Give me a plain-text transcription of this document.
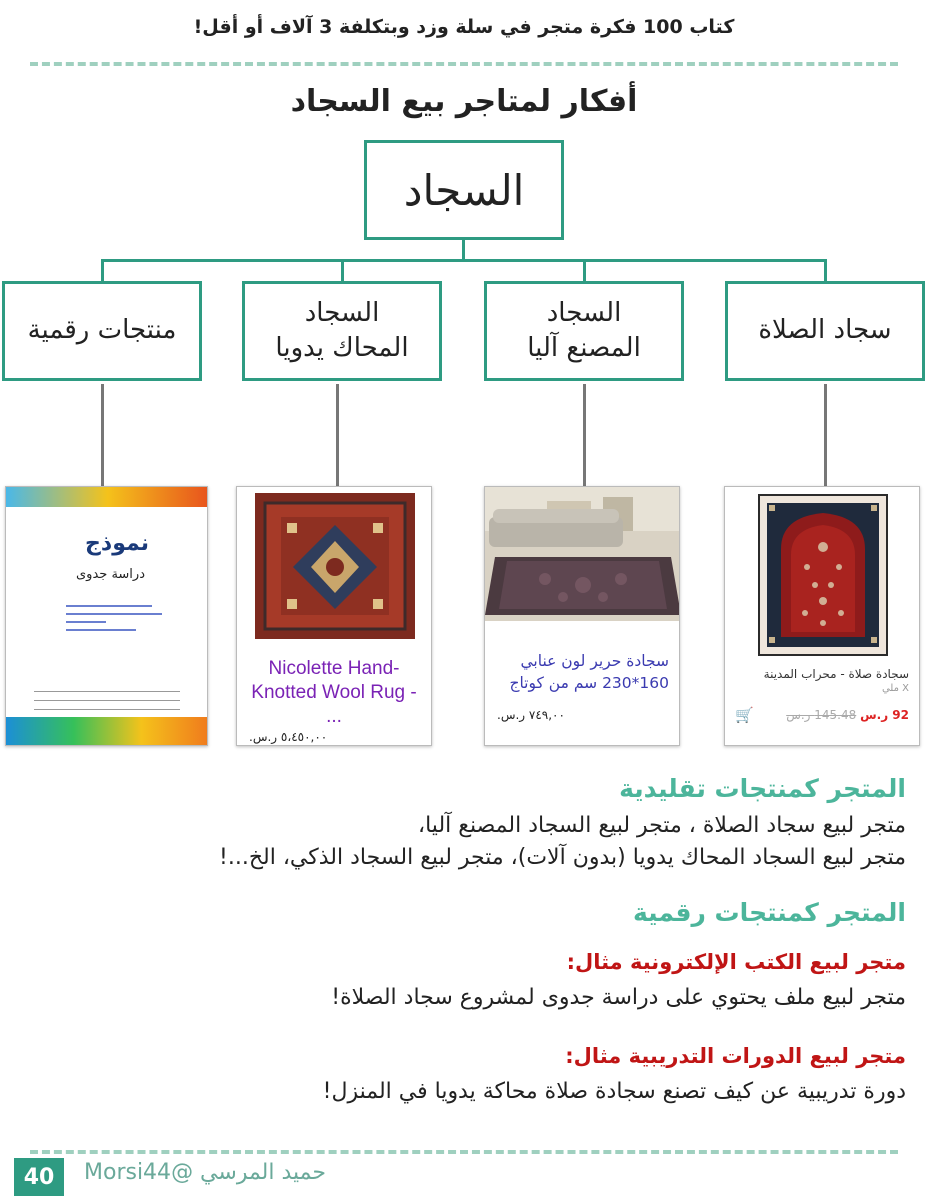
كتاب 100 فكرة متجر في سلة وزد وبتكلفة 3 آلاف أو أقل!
أفكار لمتاجر بيع السجاد
السجاد
سجاد الصلاة
السجاد
المصنع آليا
السجاد
المحاك يدويا
منتجات رقمية
سجادة صلاة - محراب المدينة
X ملي
🛒	92 ر.س 145.48 ر.س
سجادة حرير لون عنابي 160*230 سم من كوتاج
٧٤٩,٠٠ ر.س.
Nicolette Hand-Knotted Wool Rug - ...
٥،٤٥٠,٠٠ ر.س.
نموذج
دراسة جدوى
المتجر كمنتجات تقليدية
متجر لبيع سجاد الصلاة ، متجر لبيع السجاد المصنع آليا،
متجر لبيع السجاد المحاك يدويا (بدون آلات)، متجر لبيع السجاد الذكي، الخ...!
المتجر كمنتجات رقمية
متجر لبيع الكتب الإلكترونية مثال:
متجر لبيع ملف يحتوي على دراسة جدوى لمشروع سجاد الصلاة!
متجر لبيع الدورات التدريبية مثال:
دورة تدريبية عن كيف تصنع سجادة صلاة محاكة يدويا في المنزل!
40	حميد المرسي @Morsi44
